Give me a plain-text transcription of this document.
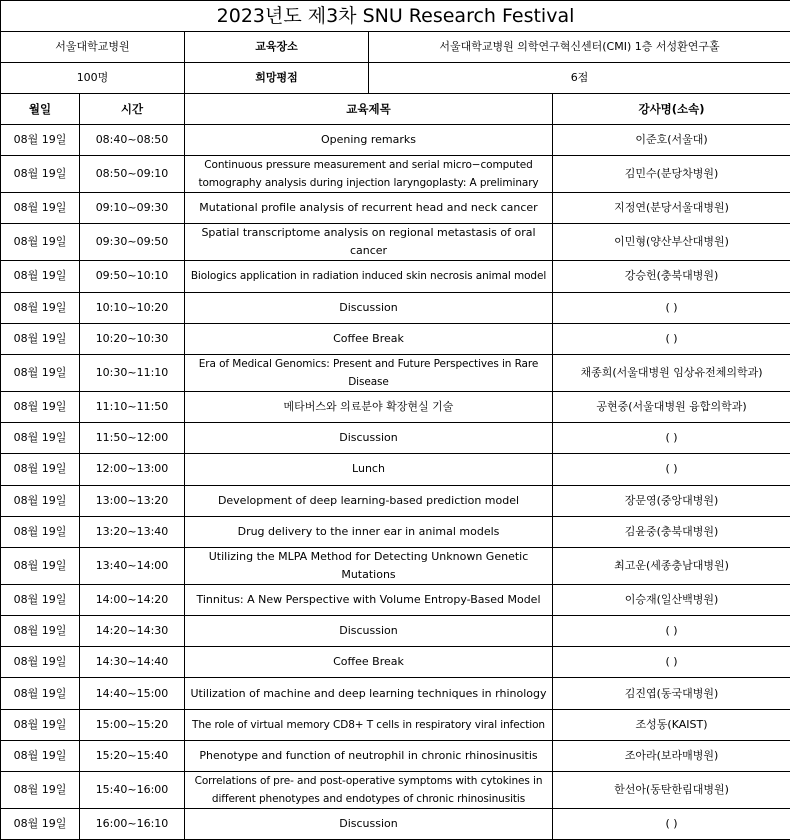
2023년도 제3차 SNU Research Festival				
서울대학교병원		교육장소	서울대학교병원 의학연구혁신센터(CMI) 1층 서성환연구홀	
100명		희망평점	6점	
월일	시간	교육제목		강사명(소속)
08월 19일	08:40~08:50	Opening remarks		이준호(서울대)
08월 19일	08:50~09:10	Continuous pressure measurement and serial micro−computed tomography analysis during injection laryngoplasty: A preliminary		김민수(분당차병원)
08월 19일	09:10~09:30	Mutational profile analysis of recurrent head and neck cancer		지정연(분당서울대병원)
08월 19일	09:30~09:50	Spatial transcriptome analysis on regional metastasis of oral cancer		이민형(양산부산대병원)
08월 19일	09:50~10:10	Biologics application in radiation induced skin necrosis animal model		강승헌(충북대병원)
08월 19일	10:10~10:20	Discussion		( )
08월 19일	10:20~10:30	Coffee Break		( )
08월 19일	10:30~11:10	Era of Medical Genomics: Present and Future Perspectives in Rare Disease		채종희(서울대병원 임상유전체의학과)
08월 19일	11:10~11:50	메타버스와 의료분야 확장현실 기술		공현중(서울대병원 융합의학과)
08월 19일	11:50~12:00	Discussion		( )
08월 19일	12:00~13:00	Lunch		( )
08월 19일	13:00~13:20	Development of deep learning-based prediction model		장문영(중앙대병원)
08월 19일	13:20~13:40	Drug delivery to the inner ear in animal models		김윤중(충북대병원)
08월 19일	13:40~14:00	Utilizing the MLPA Method for Detecting Unknown Genetic Mutations		최고운(세종충남대병원)
08월 19일	14:00~14:20	Tinnitus: A New Perspective with Volume Entropy-Based Model		이승재(일산백병원)
08월 19일	14:20~14:30	Discussion		( )
08월 19일	14:30~14:40	Coffee Break		( )
08월 19일	14:40~15:00	Utilization of machine and deep learning techniques in rhinology		김진엽(동국대병원)
08월 19일	15:00~15:20	The role of virtual memory CD8+ T cells in respiratory viral infection		조성동(KAIST)
08월 19일	15:20~15:40	Phenotype and function of neutrophil in chronic rhinosinusitis		조아라(보라매병원)
08월 19일	15:40~16:00	Correlations of pre- and post-operative symptoms with cytokines in different phenotypes and endotypes of chronic rhinosinusitis		한선아(동탄한림대병원)
08월 19일	16:00~16:10	Discussion		( )
